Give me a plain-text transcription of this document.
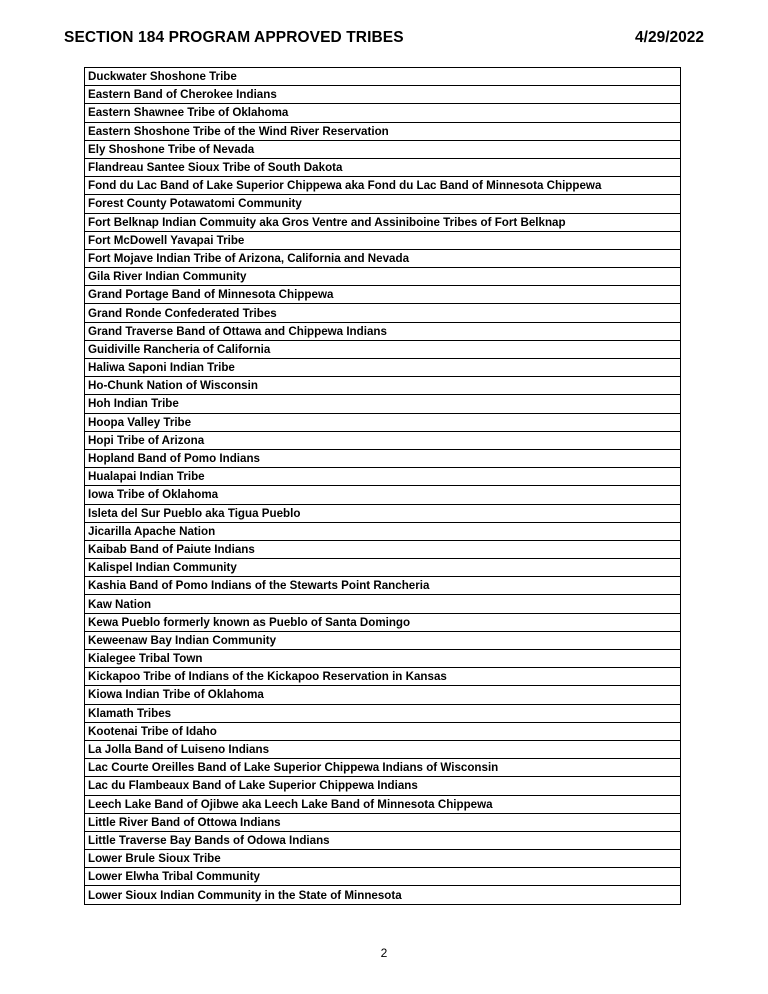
SECTION 184 PROGRAM APPROVED TRIBES	4/29/2022
Duckwater Shoshone Tribe
Eastern Band of Cherokee Indians
Eastern Shawnee Tribe of Oklahoma
Eastern Shoshone Tribe of the Wind River Reservation
Ely Shoshone Tribe of Nevada
Flandreau Santee Sioux Tribe of South Dakota
Fond du Lac Band of Lake Superior Chippewa aka Fond du Lac Band of Minnesota Chippewa
Forest County Potawatomi Community
Fort Belknap Indian Commuity aka Gros Ventre and Assiniboine Tribes of Fort Belknap
Fort McDowell Yavapai Tribe
Fort Mojave Indian Tribe of Arizona, California and Nevada
Gila River Indian Community
Grand Portage Band of Minnesota Chippewa
Grand Ronde Confederated Tribes
Grand Traverse Band of Ottawa and Chippewa Indians
Guidiville Rancheria of California
Haliwa Saponi Indian Tribe
Ho-Chunk Nation of Wisconsin
Hoh Indian Tribe
Hoopa Valley Tribe
Hopi Tribe of Arizona
Hopland Band of Pomo Indians
Hualapai Indian Tribe
Iowa Tribe of Oklahoma
Isleta del Sur Pueblo aka Tigua Pueblo
Jicarilla Apache Nation
Kaibab Band of Paiute Indians
Kalispel Indian Community
Kashia Band of Pomo Indians of the Stewarts Point Rancheria
Kaw Nation
Kewa Pueblo formerly known as Pueblo of Santa Domingo
Keweenaw Bay Indian Community
Kialegee Tribal Town
Kickapoo Tribe of Indians of the Kickapoo Reservation in Kansas
Kiowa Indian Tribe of Oklahoma
Klamath Tribes
Kootenai Tribe of Idaho
La Jolla Band of Luiseno Indians
Lac Courte Oreilles Band of Lake Superior Chippewa Indians of Wisconsin
Lac du Flambeaux Band of Lake Superior Chippewa Indians
Leech Lake Band of Ojibwe aka Leech Lake Band of Minnesota Chippewa
Little River Band of Ottowa Indians
Little Traverse Bay Bands of Odowa Indians
Lower Brule Sioux Tribe
Lower Elwha Tribal Community
Lower Sioux Indian Community in the State of Minnesota
2
